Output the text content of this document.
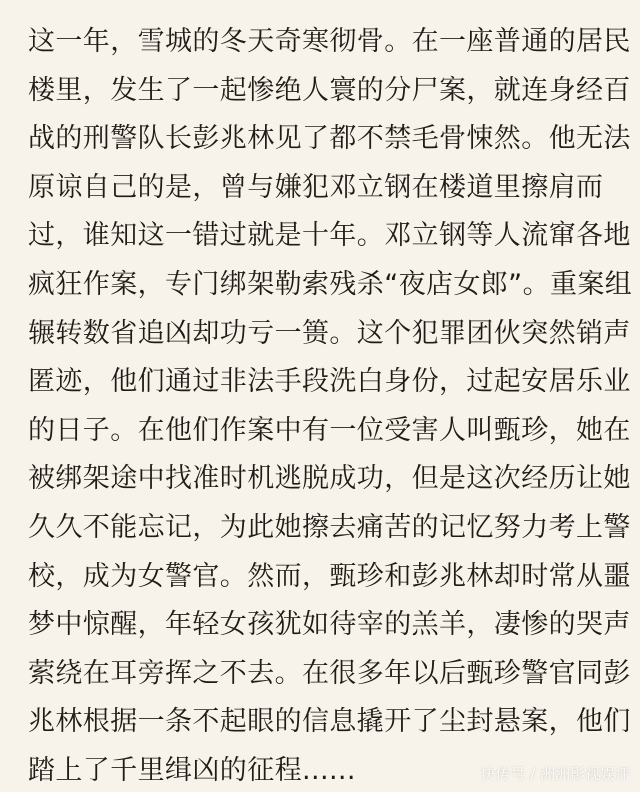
这一年，雪城的冬天奇寒彻骨。在一座普通的居民
楼里，发生了一起惨绝人寰的分尸案，就连身经百
战的刑警队长彭兆林见了都不禁毛骨悚然。他无法
原谅自己的是，曾与嫌犯邓立钢在楼道里擦肩而
过，谁知这一错过就是十年。邓立钢等人流窜各地
疯狂作案，专门绑架勒索残杀“夜店女郎”。重案组
辗转数省追凶却功亏一篑。这个犯罪团伙突然销声
匿迹，他们通过非法手段洗白身份，过起安居乐业
的日子。在他们作案中有一位受害人叫甄珍，她在
被绑架途中找准时机逃脱成功，但是这次经历让她
久久不能忘记，为此她擦去痛苦的记忆努力考上警
校，成为女警官。然而，甄珍和彭兆林却时常从噩
梦中惊醒，年轻女孩犹如待宰的羔羊，凄惨的哭声
萦绕在耳旁挥之不去。在很多年以后甄珍警官同彭
兆林根据一条不起眼的信息撬开了尘封悬案，他们
踏上了千里缉凶的征程......	快传号 / 洲洲影视娱评
